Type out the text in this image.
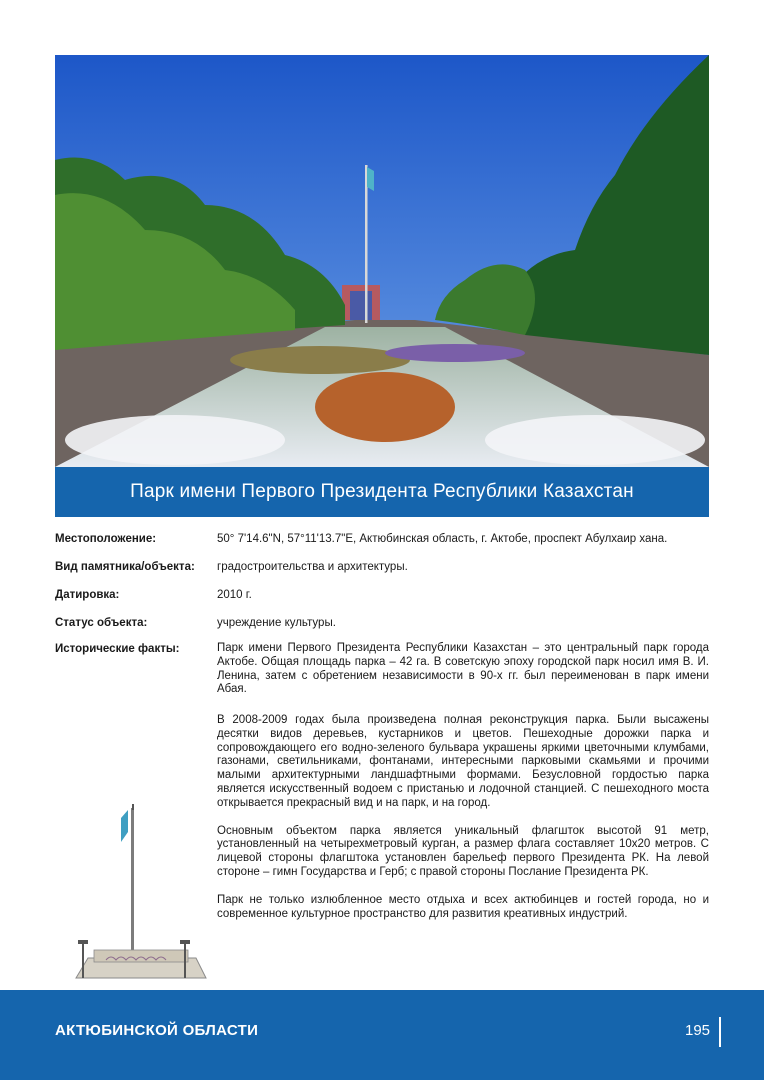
Парк имени Первого Президента Республики Казахстан
Местоположение:	50° 7'14.6"N, 57°11'13.7"E, Актюбинская область, г. Актобе, проспект Абулхаир хана.
Вид памятника/объекта:	градостроительства и архитектуры.
Датировка:	2010 г.
Статус объекта:	учреждение культуры.
Исторические факты:	Парк имени Первого Президента Республики Казахстан – это центральный парк города Актобе. Общая площадь парка – 42 га. В советскую эпоху городской парк носил имя В. И. Ленина, затем с обретением независимости в 90-х гг. был переименован в парк имени Абая.

В 2008-2009 годах была произведена полная реконструкция парка. Были высажены десятки видов деревьев, кустарников и цветов. Пешеходные дорожки парка и сопровождающего его водно-зеленого бульвара украшены яркими цветочными клумбами, газонами, светильниками, фонтанами, интересными парковыми скамьями и прочими малыми архитектурными ландшафтными формами. Безусловной гордостью парка является искусственный водоем с пристанью и лодочной станцией. С пешеходного моста открывается прекрасный вид и на парк, и на город.

Основным объектом парка является уникальный флагшток высотой 91 метр, установленный на четырехметровый курган, а размер флага составляет 10х20 метров. С лицевой стороны флагштока установлен барельеф первого Президента РК. На левой стороне – гимн Государства и Герб; с правой стороны Послание Президента РК.

Парк не только излюбленное место отдыха и всех актюбинцев и гостей города, но и современное культурное пространство для развития креативных индустрий.

АКТЮБИНСКОЙ ОБЛАСТИ	195
